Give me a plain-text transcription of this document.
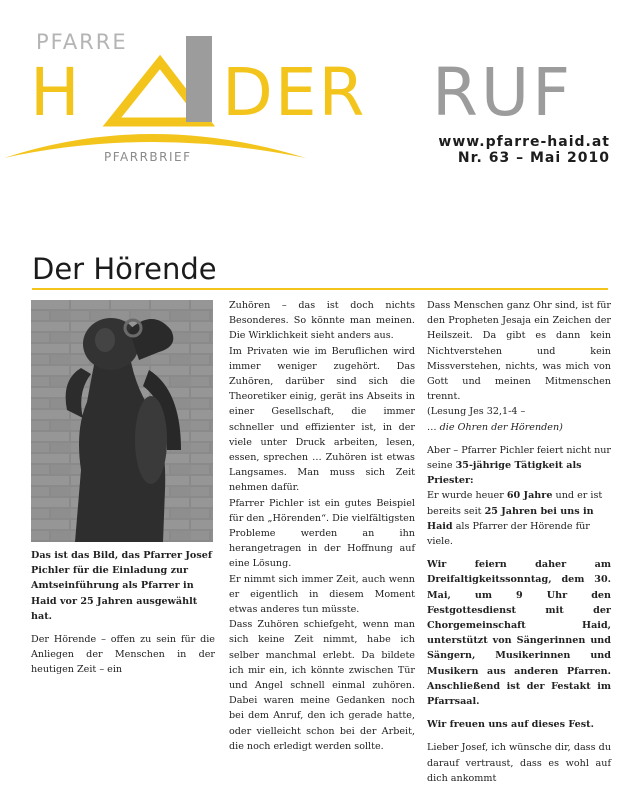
PFARRE
H DER RUF
PFARRBRIEF
www.pfarre-haid.at
Nr. 63 – Mai 2010
Der Hörende

Das ist das Bild, das Pfarrer Josef Pichler für die Einladung zur Amtseinführung als Pfarrer in Haid vor 25 Jahren ausgewählt hat.

Der Hörende – offen zu sein für die Anliegen der Menschen in der heutigen Zeit – ein

Zuhören – das ist doch nichts Besonderes. So könnte man meinen. Die Wirklichkeit sieht anders aus.

Im Privaten wie im Beruflichen wird immer weniger zugehört. Das Zuhören, darüber sind sich die Theoretiker einig, gerät ins Abseits in einer Gesellschaft, die immer schneller und effizienter ist, in der viele unter Druck arbeiten, lesen, essen, sprechen … Zuhören ist etwas Langsames. Man muss sich Zeit nehmen dafür.

Pfarrer Pichler ist ein gutes Beispiel für den „Hörenden“. Die vielfältigsten Probleme werden an ihn herangetragen in der Hoffnung auf eine Lösung.

Er nimmt sich immer Zeit, auch wenn er eigentlich in diesem Moment etwas anderes tun müsste.

Dass Zuhören schiefgeht, wenn man sich keine Zeit nimmt, habe ich selber manchmal erlebt. Da bildete ich mir ein, ich könnte zwischen Tür und Angel schnell einmal zuhören. Dabei waren meine Gedanken noch bei dem Anruf, den ich gerade hatte, oder vielleicht schon bei der Arbeit, die noch erledigt werden sollte.

Dass Menschen ganz Ohr sind, ist für den Propheten Jesaja ein Zeichen der Heilszeit. Da gibt es dann kein Nichtverstehen und kein Missverstehen, nichts, was mich von Gott und meinen Mitmenschen trennt.

(Lesung Jes 32,1-4 –

… die Ohren der Hörenden)

Aber – Pfarrer Pichler feiert nicht nur seine 35-jährige Tätigkeit als Priester:

Er wurde heuer 60 Jahre und er ist bereits seit 25 Jahren bei uns in Haid als Pfarrer der Hörende für viele.

Wir feiern daher am Dreifaltigkeitssonntag, dem 30. Mai, um 9 Uhr den Festgottesdienst mit der Chorgemeinschaft Haid, unterstützt von Sängerinnen und Sängern, Musikerinnen und Musikern aus anderen Pfarren. Anschließend ist der Festakt im Pfarrsaal.

Wir freuen uns auf dieses Fest.

Lieber Josef, ich wünsche dir, dass du darauf vertraust, dass es wohl auf dich ankommt
